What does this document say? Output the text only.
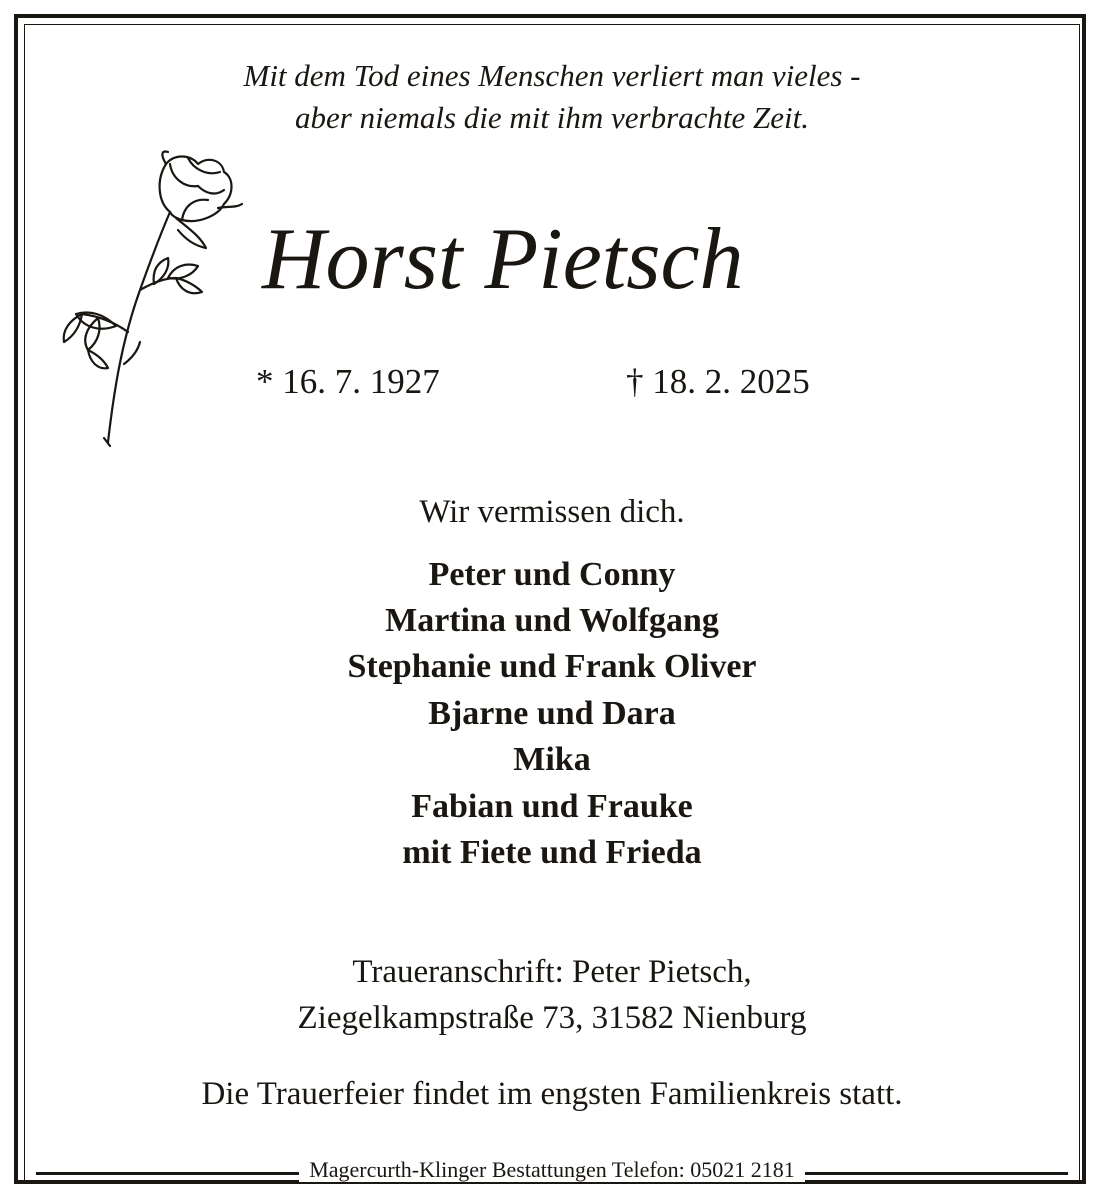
Mit dem Tod eines Menschen verliert man vieles -
aber niemals die mit ihm verbrachte Zeit.
Horst Pietsch
* 16. 7. 1927	† 18. 2. 2025
Wir vermissen dich.
Peter und Conny
Martina und Wolfgang
Stephanie und Frank Oliver
Bjarne und Dara
Mika
Fabian und Frauke
mit Fiete und Frieda
Traueranschrift: Peter Pietsch,
Ziegelkampstraße 73, 31582 Nienburg
Die Trauerfeier findet im engsten Familienkreis statt.
Magercurth-Klinger Bestattungen Telefon: 05021 2181
